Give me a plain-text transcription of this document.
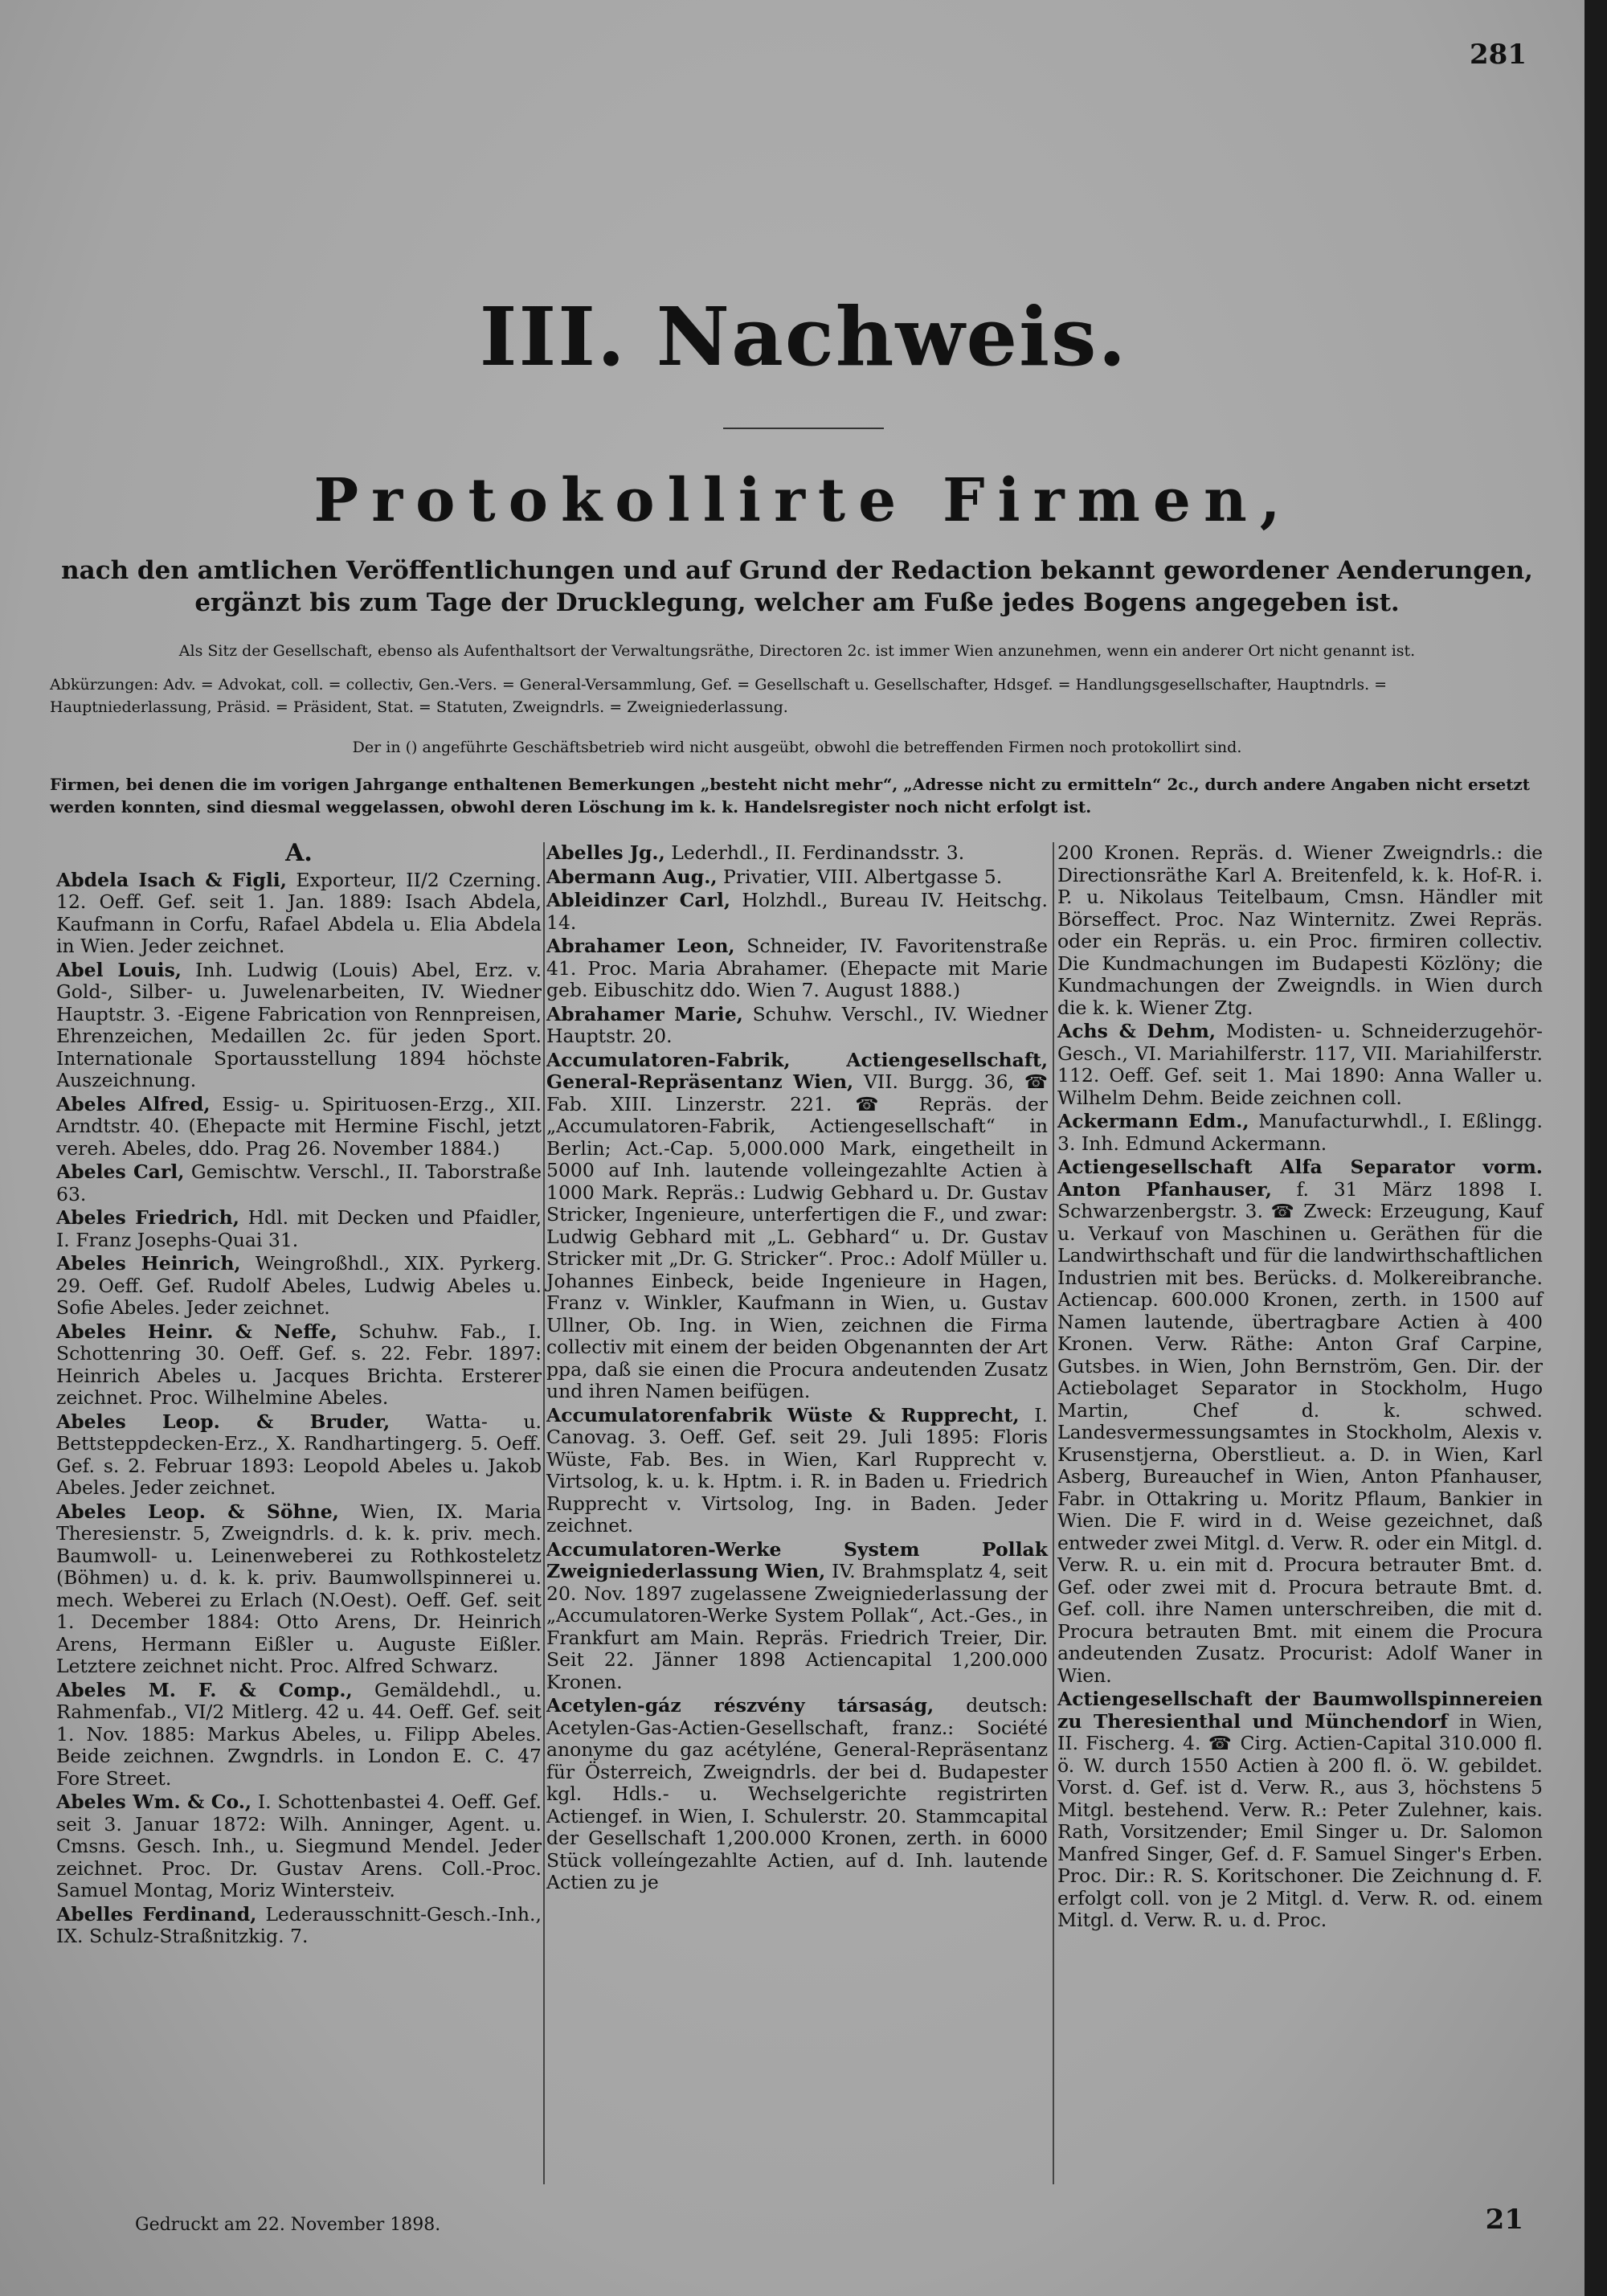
281
III. Nachweis.
Protokollirte Firmen,
nach den amtlichen Veröffentlichungen und auf Grund der Redaction bekannt gewordener Aenderungen, ergänzt bis zum Tage der Drucklegung, welcher am Fuße jedes Bogens angegeben ist.
Als Sitz der Gesellschaft, ebenso als Aufenthaltsort der Verwaltungsräthe, Directoren 2c. ist immer Wien anzunehmen, wenn ein anderer Ort nicht genannt ist.
Abkürzungen: Adv. = Advokat, coll. = collectiv, Gen.-Vers. = General-Versammlung, Gef. = Gesellschaft u. Gesellschafter, Hdsgef. = Handlungsgesellschafter, Hauptndrls. = Hauptniederlassung, Präsid. = Präsident, Stat. = Statuten, Zweigndrls. = Zweigniederlassung.
Der in () angeführte Geschäftsbetrieb wird nicht ausgeübt, obwohl die betreffenden Firmen noch protokollirt sind.
Firmen, bei denen die im vorigen Jahrgange enthaltenen Bemerkungen „besteht nicht mehr“, „Adresse nicht zu ermitteln“ 2c., durch andere Angaben nicht ersetzt werden konnten, sind diesmal weggelassen, obwohl deren Löschung im k. k. Handelsregister noch nicht erfolgt ist.
A.

Abdela Isach & Figli, Exporteur, II/2 Czerning. 12. Oeff. Gef. seit 1. Jan. 1889: Isach Abdela, Kaufmann in Corfu, Rafael Abdela u. Elia Abdela in Wien. Jeder zeichnet.

Abel Louis, Inh. Ludwig (Louis) Abel, Erz. v. Gold-, Silber- u. Juwelenarbeiten, IV. Wiedner Hauptstr. 3. -Eigene Fabrication von Rennpreisen, Ehrenzeichen, Medaillen 2c. für jeden Sport. Internationale Sportausstellung 1894 höchste Auszeichnung.

Abeles Alfred, Essig- u. Spirituosen-Erzg., XII. Arndtstr. 40. (Ehepacte mit Hermine Fischl, jetzt vereh. Abeles, ddo. Prag 26. November 1884.)

Abeles Carl, Gemischtw. Verschl., II. Taborstraße 63.

Abeles Friedrich, Hdl. mit Decken und Pfaidler, I. Franz Josephs-Quai 31.

Abeles Heinrich, Weingroßhdl., XIX. Pyrkerg. 29. Oeff. Gef. Rudolf Abeles, Ludwig Abeles u. Sofie Abeles. Jeder zeichnet.

Abeles Heinr. & Neffe, Schuhw. Fab., I. Schottenring 30. Oeff. Gef. s. 22. Febr. 1897: Heinrich Abeles u. Jacques Brichta. Ersterer zeichnet. Proc. Wilhelmine Abeles.

Abeles Leop. & Bruder, Watta- u. Bettsteppdecken-Erz., X. Randhartingerg. 5. Oeff. Gef. s. 2. Februar 1893: Leopold Abeles u. Jakob Abeles. Jeder zeichnet.

Abeles Leop. & Söhne, Wien, IX. Maria Theresienstr. 5, Zweigndrls. d. k. k. priv. mech. Baumwoll- u. Leinenweberei zu Rothkosteletz (Böhmen) u. d. k. k. priv. Baumwollspinnerei u. mech. Weberei zu Erlach (N.Oest). Oeff. Gef. seit 1. December 1884: Otto Arens, Dr. Heinrich Arens, Hermann Eißler u. Auguste Eißler. Letztere zeichnet nicht. Proc. Alfred Schwarz.

Abeles M. F. & Comp., Gemäldehdl., u. Rahmenfab., VI/2 Mitlerg. 42 u. 44. Oeff. Gef. seit 1. Nov. 1885: Markus Abeles, u. Filipp Abeles. Beide zeichnen. Zwgndrls. in London E. C. 47 Fore Street.

Abeles Wm. & Co., I. Schottenbastei 4. Oeff. Gef. seit 3. Januar 1872: Wilh. Anninger, Agent. u. Cmsns. Gesch. Inh., u. Siegmund Mendel. Jeder zeichnet. Proc. Dr. Gustav Arens. Coll.-Proc. Samuel Montag, Moriz Wintersteiv.

Abelles Ferdinand, Lederausschnitt-Gesch.-Inh., IX. Schulz-Straßnitzkig. 7.

Abelles Jg., Lederhdl., II. Ferdinandsstr. 3.

Abermann Aug., Privatier, VIII. Albertgasse 5.

Ableidinzer Carl, Holzhdl., Bureau IV. Heitschg. 14.

Abrahamer Leon, Schneider, IV. Favoritenstraße 41. Proc. Maria Abrahamer. (Ehepacte mit Marie geb. Eibuschitz ddo. Wien 7. August 1888.)

Abrahamer Marie, Schuhw. Verschl., IV. Wiedner Hauptstr. 20.

Accumulatoren-Fabrik, Actiengesellschaft, General-Repräsentanz Wien, VII. Burgg. 36, ☎ Fab. XIII. Linzerstr. 221. ☎ Repräs. der „Accumulatoren-Fabrik, Actiengesellschaft“ in Berlin; Act.-Cap. 5,000.000 Mark, eingetheilt in 5000 auf Inh. lautende volleingezahlte Actien à 1000 Mark. Repräs.: Ludwig Gebhard u. Dr. Gustav Stricker, Ingenieure, unterfertigen die F., und zwar: Ludwig Gebhard mit „L. Gebhard“ u. Dr. Gustav Stricker mit „Dr. G. Stricker“. Proc.: Adolf Müller u. Johannes Einbeck, beide Ingenieure in Hagen, Franz v. Winkler, Kaufmann in Wien, u. Gustav Ullner, Ob. Ing. in Wien, zeichnen die Firma collectiv mit einem der beiden Obgenannten der Art ppa, daß sie einen die Procura andeutenden Zusatz und ihren Namen beifügen.

Accumulatorenfabrik Wüste & Rupprecht, I. Canovag. 3. Oeff. Gef. seit 29. Juli 1895: Floris Wüste, Fab. Bes. in Wien, Karl Rupprecht v. Virtsolog, k. u. k. Hptm. i. R. in Baden u. Friedrich Rupprecht v. Virtsolog, Ing. in Baden. Jeder zeichnet.

Accumulatoren-Werke System Pollak Zweigniederlassung Wien, IV. Brahmsplatz 4, seit 20. Nov. 1897 zugelassene Zweigniederlassung der „Accumulatoren-Werke System Pollak“, Act.-Ges., in Frankfurt am Main. Repräs. Friedrich Treier, Dir. Seit 22. Jänner 1898 Actiencapital 1,200.000 Kronen.

Acetylen-gáz részvény társaság, deutsch: Acetylen-Gas-Actien-Gesellschaft, franz.: Société anonyme du gaz acétyléne, General-Repräsentanz für Österreich, Zweigndrls. der bei d. Budapester kgl. Hdls.- u. Wechselgerichte registrirten Actiengef. in Wien, I. Schulerstr. 20. Stammcapital der Gesellschaft 1,200.000 Kronen, zerth. in 6000 Stück volleíngezahlte Actien, auf d. Inh. lautende Actien zu je

200 Kronen. Repräs. d. Wiener Zweigndrls.: die Directionsräthe Karl A. Breitenfeld, k. k. Hof-R. i. P. u. Nikolaus Teitelbaum, Cmsn. Händler mit Börseffect. Proc. Naz Winternitz. Zwei Repräs. oder ein Repräs. u. ein Proc. firmiren collectiv. Die Kundmachungen im Budapesti Közlöny; die Kundmachungen der Zweigndls. in Wien durch die k. k. Wiener Ztg.

Achs & Dehm, Modisten- u. Schneiderzugehör-Gesch., VI. Mariahilferstr. 117, VII. Mariahilferstr. 112. Oeff. Gef. seit 1. Mai 1890: Anna Waller u. Wilhelm Dehm. Beide zeichnen coll.

Ackermann Edm., Manufacturwhdl., I. Eßlingg. 3. Inh. Edmund Ackermann.

Actiengesellschaft Alfa Separator vorm. Anton Pfanhauser, f. 31 März 1898 I. Schwarzenbergstr. 3. ☎ Zweck: Erzeugung, Kauf u. Verkauf von Maschinen u. Geräthen für die Landwirthschaft und für die landwirthschaftlichen Industrien mit bes. Berücks. d. Molkereibranche. Actiencap. 600.000 Kronen, zerth. in 1500 auf Namen lautende, übertragbare Actien à 400 Kronen. Verw. Räthe: Anton Graf Carpine, Gutsbes. in Wien, John Bernström, Gen. Dir. der Actiebolaget Separator in Stockholm, Hugo Martin, Chef d. k. schwed. Landesvermessungsamtes in Stockholm, Alexis v. Krusenstjerna, Oberstlieut. a. D. in Wien, Karl Asberg, Bureauchef in Wien, Anton Pfanhauser, Fabr. in Ottakring u. Moritz Pflaum, Bankier in Wien. Die F. wird in d. Weise gezeichnet, daß entweder zwei Mitgl. d. Verw. R. oder ein Mitgl. d. Verw. R. u. ein mit d. Procura betrauter Bmt. d. Gef. oder zwei mit d. Procura betraute Bmt. d. Gef. coll. ihre Namen unterschreiben, die mit d. Procura betrauten Bmt. mit einem die Procura andeutenden Zusatz. Procurist: Adolf Waner in Wien.

Actiengesellschaft der Baumwollspinnereien zu Theresienthal und Münchendorf in Wien, II. Fischerg. 4. ☎ Cirg. Actien-Capital 310.000 fl. ö. W. durch 1550 Actien à 200 fl. ö. W. gebildet. Vorst. d. Gef. ist d. Verw. R., aus 3, höchstens 5 Mitgl. bestehend. Verw. R.: Peter Zulehner, kais. Rath, Vorsitzender; Emil Singer u. Dr. Salomon Manfred Singer, Gef. d. F. Samuel Singer's Erben. Proc. Dir.: R. S. Koritschoner. Die Zeichnung d. F. erfolgt coll. von je 2 Mitgl. d. Verw. R. od. einem Mitgl. d. Verw. R. u. d. Proc.

Gedruckt am 22. November 1898.	21
